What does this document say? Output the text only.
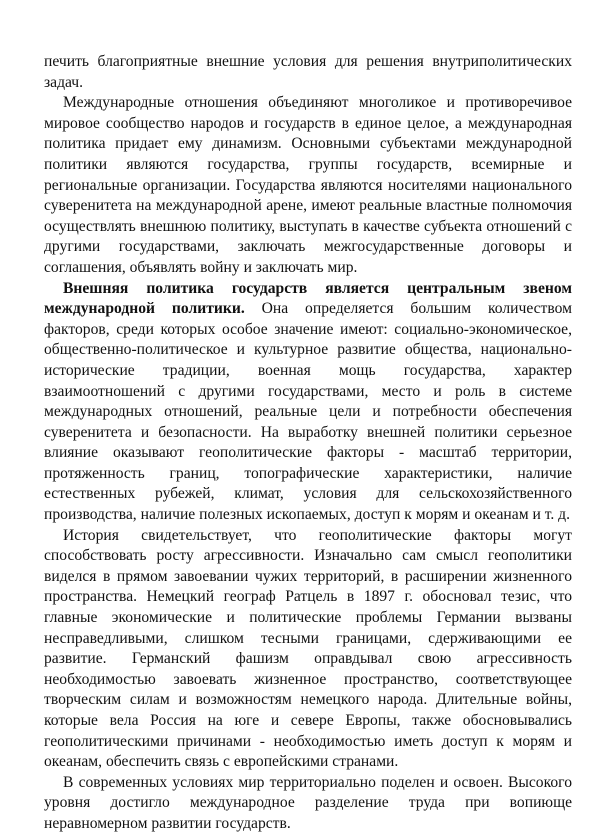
печить благоприятные внешние условия для решения внутриполитических задач.

Международные отношения объединяют многоликое и противоречивое мировое сообщество народов и государств в единое целое, а международная политика придает ему динамизм. Основными субъектами международной политики являются государства, группы государств, всемирные и региональные организации. Государства являются носителями национального суверенитета на международной арене, имеют реальные властные полномочия осуществлять внешнюю политику, выступать в качестве субъекта отношений с другими государствами, заключать межгосударственные договоры и соглашения, объявлять войну и заключать мир.

Внешняя политика государств является центральным звеном международной политики. Она определяется большим количеством факторов, среди которых особое значение имеют: социально-экономическое, общественно-политическое и культурное развитие общества, национально-исторические традиции, военная мощь государства, характер взаимоотношений с другими государствами, место и роль в системе международных отношений, реальные цели и потребности обеспечения суверенитета и безопасности. На выработку внешней политики серьезное влияние оказывают геополитические факторы - масштаб территории, протяженность границ, топографические характеристики, наличие естественных рубежей, климат, условия для сельскохозяйственного производства, наличие полезных ископаемых, доступ к морям и океанам и т. д.

История свидетельствует, что геополитические факторы могут способствовать росту агрессивности. Изначально сам смысл геополитики виделся в прямом завоевании чужих территорий, в расширении жизненного пространства. Немецкий географ Ратцель в 1897 г. обосновал тезис, что главные экономические и политические проблемы Германии вызваны несправедливыми, слишком тесными границами, сдерживающими ее развитие. Германский фашизм оправдывал свою агрессивность необходимостью завоевать жизненное пространство, соответствующее творческим силам и возможностям немецкого народа. Длительные войны, которые вела Россия на юге и севере Европы, также обосновывались геополитическими причинами - необходимостью иметь доступ к морям и океанам, обеспечить связь с европейскими странами.

В современных условиях мир территориально поделен и освоен. Высокого уровня достигло международное разделение труда при вопиюще неравномерном развитии государств.
